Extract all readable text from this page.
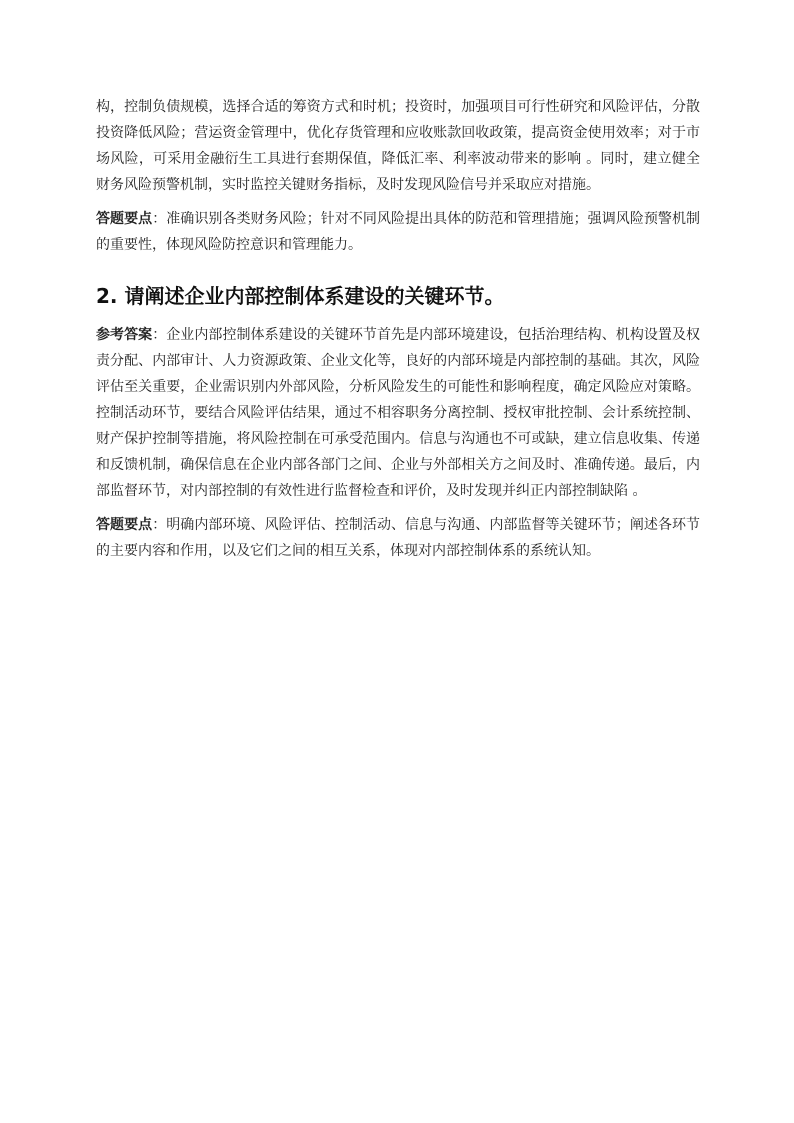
构，控制负债规模，选择合适的筹资方式和时机；投资时，加强项目可行性研究和风险评估，分散投资降低风险；营运资金管理中，优化存货管理和应收账款回收政策，提高资金使用效率；对于市场风险，可采用金融衍生工具进行套期保值，降低汇率、利率波动带来的影响 。同时，建立健全财务风险预警机制，实时监控关键财务指标，及时发现风险信号并采取应对措施。

答题要点：准确识别各类财务风险；针对不同风险提出具体的防范和管理措施；强调风险预警机制的重要性，体现风险防控意识和管理能力。

2. 请阐述企业内部控制体系建设的关键环节。

参考答案：企业内部控制体系建设的关键环节首先是内部环境建设，包括治理结构、机构设置及权责分配、内部审计、人力资源政策、企业文化等，良好的内部环境是内部控制的基础。其次，风险评估至关重要，企业需识别内外部风险，分析风险发生的可能性和影响程度，确定风险应对策略。控制活动环节，要结合风险评估结果，通过不相容职务分离控制、授权审批控制、会计系统控制、财产保护控制等措施，将风险控制在可承受范围内。信息与沟通也不可或缺，建立信息收集、传递和反馈机制，确保信息在企业内部各部门之间、企业与外部相关方之间及时、准确传递。最后，内部监督环节，对内部控制的有效性进行监督检查和评价，及时发现并纠正内部控制缺陷 。

答题要点：明确内部环境、风险评估、控制活动、信息与沟通、内部监督等关键环节；阐述各环节的主要内容和作用，以及它们之间的相互关系，体现对内部控制体系的系统认知。
